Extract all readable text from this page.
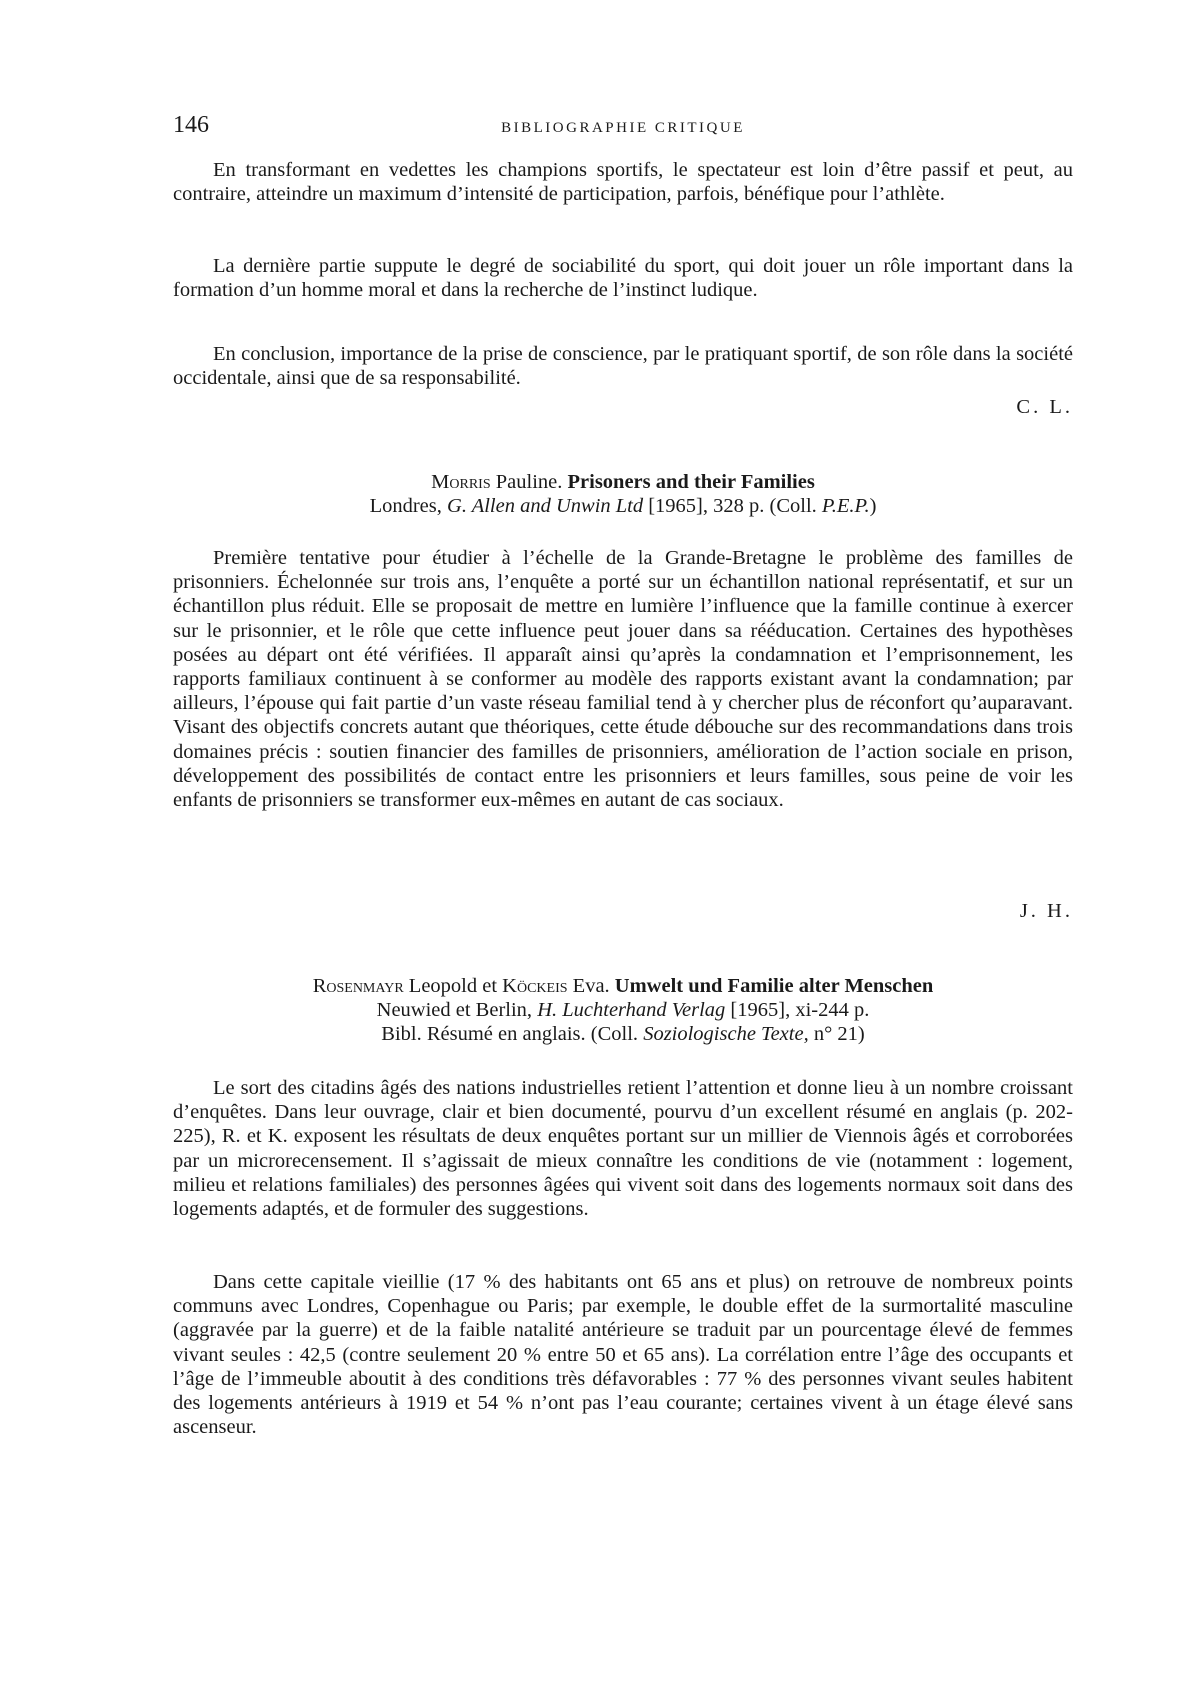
146	BIBLIOGRAPHIE CRITIQUE

En transformant en vedettes les champions sportifs, le spectateur est loin d’être passif et peut, au contraire, atteindre un maximum d’intensité de participation, parfois, bénéfique pour l’athlète.

La dernière partie suppute le degré de sociabilité du sport, qui doit jouer un rôle important dans la formation d’un homme moral et dans la recherche de l’instinct ludique.

En conclusion, importance de la prise de conscience, par le pratiquant sportif, de son rôle dans la société occidentale, ainsi que de sa responsabilité.

C. L.
Morris Pauline. Prisoners and their Families
Londres, G. Allen and Unwin Ltd [1965], 328 p. (Coll. P.E.P.)

Première tentative pour étudier à l’échelle de la Grande-Bretagne le problème des familles de prisonniers. Échelonnée sur trois ans, l’enquête a porté sur un échantillon national représentatif, et sur un échantillon plus réduit. Elle se proposait de mettre en lumière l’influence que la famille continue à exercer sur le prisonnier, et le rôle que cette influence peut jouer dans sa rééducation. Certaines des hypothèses posées au départ ont été vérifiées. Il apparaît ainsi qu’après la condamnation et l’emprisonnement, les rapports familiaux continuent à se conformer au modèle des rapports existant avant la condamnation; par ailleurs, l’épouse qui fait partie d’un vaste réseau familial tend à y chercher plus de réconfort qu’auparavant. Visant des objectifs concrets autant que théoriques, cette étude débouche sur des recommandations dans trois domaines précis : soutien financier des familles de prisonniers, amélioration de l’action sociale en prison, développement des possibilités de contact entre les prisonniers et leurs familles, sous peine de voir les enfants de prisonniers se transformer eux-mêmes en autant de cas sociaux.

J. H.
Rosenmayr Leopold et Köckeis Eva. Umwelt und Familie alter Menschen
Neuwied et Berlin, H. Luchterhand Verlag [1965], xi-244 p.
Bibl. Résumé en anglais. (Coll. Soziologische Texte, n° 21)

Le sort des citadins âgés des nations industrielles retient l’attention et donne lieu à un nombre croissant d’enquêtes. Dans leur ouvrage, clair et bien documenté, pourvu d’un excellent résumé en anglais (p. 202-225), R. et K. exposent les résultats de deux enquêtes portant sur un millier de Viennois âgés et corroborées par un microrecensement. Il s’agissait de mieux connaître les conditions de vie (notamment : logement, milieu et relations familiales) des personnes âgées qui vivent soit dans des logements normaux soit dans des logements adaptés, et de formuler des suggestions.

Dans cette capitale vieillie (17 % des habitants ont 65 ans et plus) on retrouve de nombreux points communs avec Londres, Copenhague ou Paris; par exemple, le double effet de la surmortalité masculine (aggravée par la guerre) et de la faible natalité antérieure se traduit par un pourcentage élevé de femmes vivant seules : 42,5 (contre seulement 20 % entre 50 et 65 ans). La corrélation entre l’âge des occupants et l’âge de l’immeuble aboutit à des conditions très défavorables : 77 % des personnes vivant seules habitent des logements antérieurs à 1919 et 54 % n’ont pas l’eau courante; certaines vivent à un étage élevé sans ascenseur.
